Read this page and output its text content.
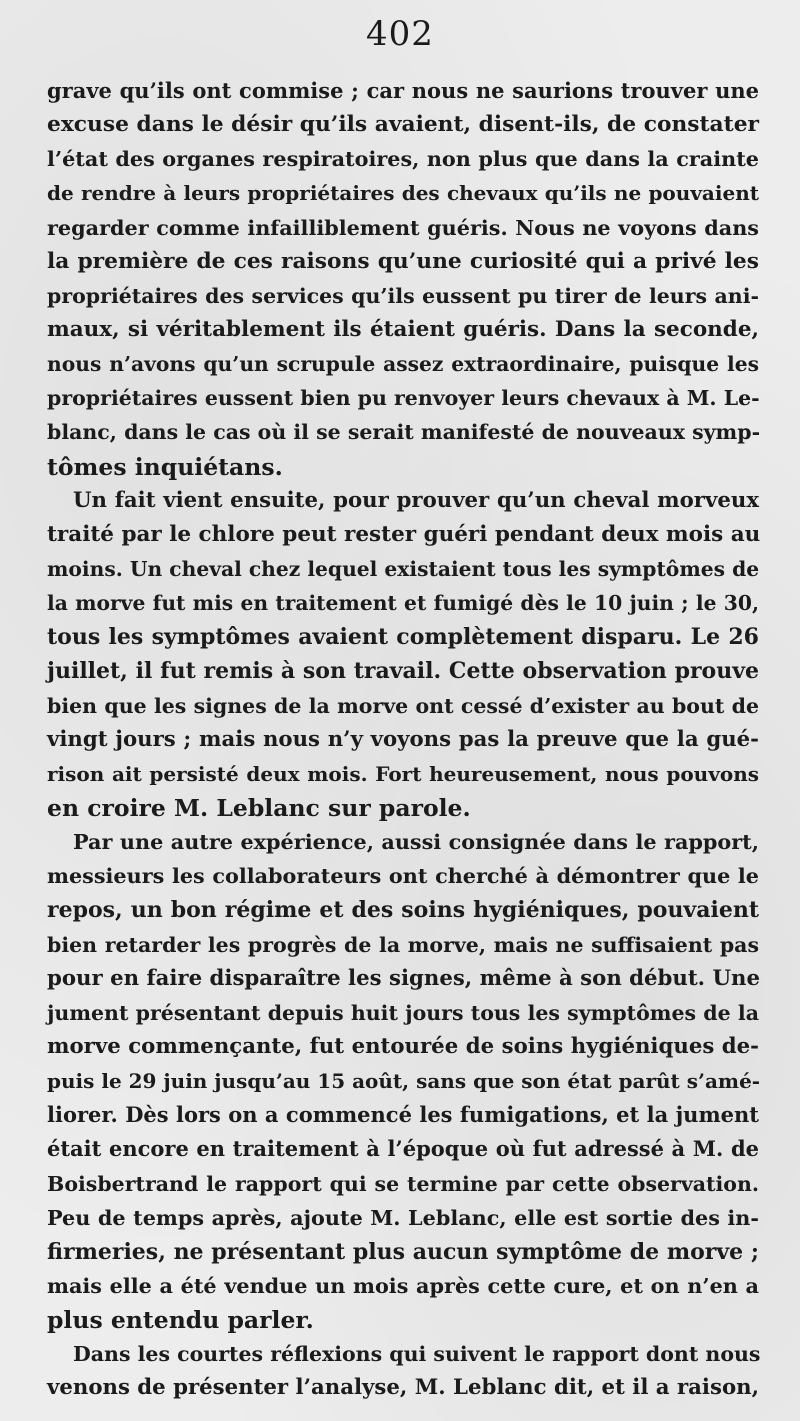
402
grave qu’ils ont commise ; car nous ne saurions trouver une
excuse dans le désir qu’ils avaient, disent-ils, de constater
l’état des organes respiratoires, non plus que dans la crainte
de rendre à leurs propriétaires des chevaux qu’ils ne pouvaient
regarder comme infailliblement guéris. Nous ne voyons dans
la première de ces raisons qu’une curiosité qui a privé les
propriétaires des services qu’ils eussent pu tirer de leurs ani-
maux, si véritablement ils étaient guéris. Dans la seconde,
nous n’avons qu’un scrupule assez extraordinaire, puisque les
propriétaires eussent bien pu renvoyer leurs chevaux à M. Le-
blanc, dans le cas où il se serait manifesté de nouveaux symp-
tômes inquiétans.
Un fait vient ensuite, pour prouver qu’un cheval morveux
traité par le chlore peut rester guéri pendant deux mois au
moins. Un cheval chez lequel existaient tous les symptômes de
la morve fut mis en traitement et fumigé dès le 10 juin ; le 30,
tous les symptômes avaient complètement disparu. Le 26
juillet, il fut remis à son travail. Cette observation prouve
bien que les signes de la morve ont cessé d’exister au bout de
vingt jours ; mais nous n’y voyons pas la preuve que la gué-
rison ait persisté deux mois. Fort heureusement, nous pouvons
en croire M. Leblanc sur parole.
Par une autre expérience, aussi consignée dans le rapport,
messieurs les collaborateurs ont cherché à démontrer que le
repos, un bon régime et des soins hygiéniques, pouvaient
bien retarder les progrès de la morve, mais ne suffisaient pas
pour en faire disparaître les signes, même à son début. Une
jument présentant depuis huit jours tous les symptômes de la
morve commençante, fut entourée de soins hygiéniques de-
puis le 29 juin jusqu’au 15 août, sans que son état parût s’amé-
liorer. Dès lors on a commencé les fumigations, et la jument
était encore en traitement à l’époque où fut adressé à M. de
Boisbertrand le rapport qui se termine par cette observation.
Peu de temps après, ajoute M. Leblanc, elle est sortie des in-
firmeries, ne présentant plus aucun symptôme de morve ;
mais elle a été vendue un mois après cette cure, et on n’en a
plus entendu parler.
Dans les courtes réflexions qui suivent le rapport dont nous
venons de présenter l’analyse, M. Leblanc dit, et il a raison,
